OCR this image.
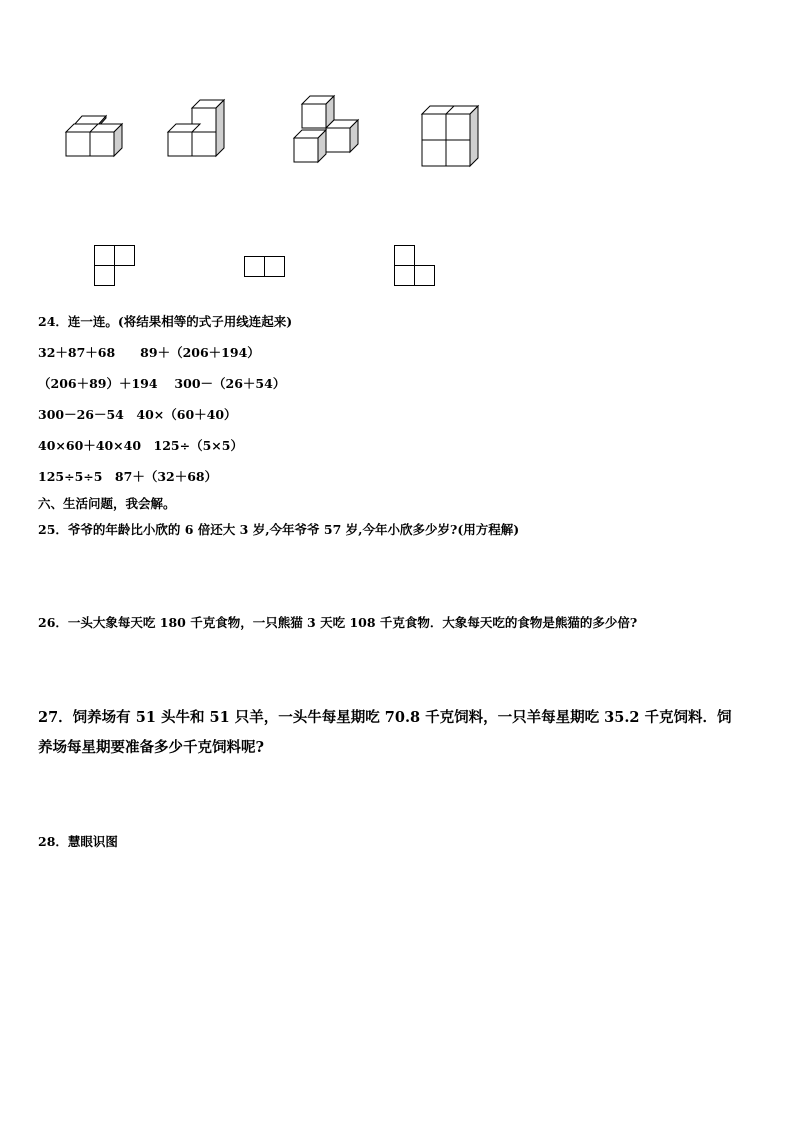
24．连一连。(将结果相等的式子用线连起来)
32＋87＋68　　89＋（206＋194）
（206＋89）＋194　 300－（26＋54）
300－26－54　40×（60＋40）
40×60＋40×40　125÷（5×5）
125÷5÷5　87＋（32＋68）
六、生活问题，我会解。
25．爷爷的年龄比小欣的 6 倍还大 3 岁,今年爷爷 57 岁,今年小欣多少岁?(用方程解)
26．一头大象每天吃 180 千克食物，一只熊猫 3 天吃 108 千克食物．大象每天吃的食物是熊猫的多少倍?
27．饲养场有 51 头牛和 51 只羊，一头牛每星期吃 70.8 千克饲料，一只羊每星期吃 35.2 千克饲料．饲
养场每星期要准备多少千克饲料呢?
28．慧眼识图
